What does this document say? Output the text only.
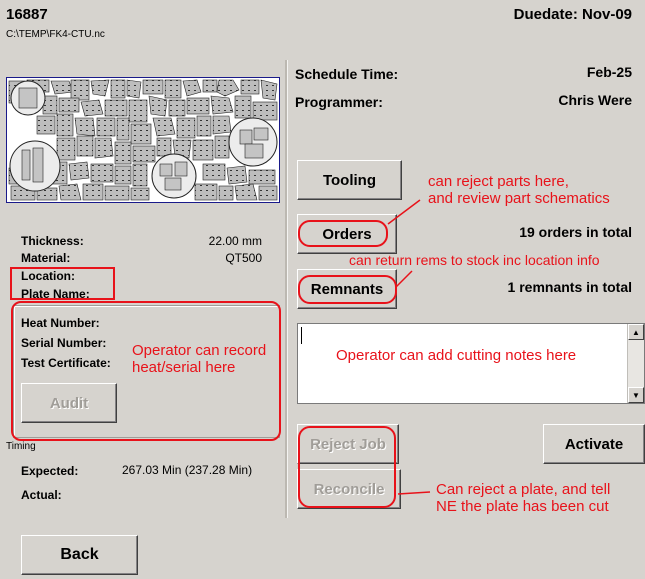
16887
C:\TEMP\FK4-CTU.nc
Duedate: Nov-09
Thickness:	22.00 mm
Material:	QT500
Location:
Plate Name:
Heat Number:
Serial Number:
Test Certificate:
Audit
Timing
Expected:	267.03 Min (237.28 Min)
Actual:
Back
Schedule Time:	Feb-25
Programmer:	Chris Were
Tooling
Orders	19 orders in total
Remnants	1 remnants in total
▲
▼
Reject Job	Activate
Reconcile
can reject parts here,
and review part schematics
can return rems to stock inc location info
Operator can record
heat/serial here
Operator can add cutting notes here
Can reject a plate, and tell
NE the plate has been cut
